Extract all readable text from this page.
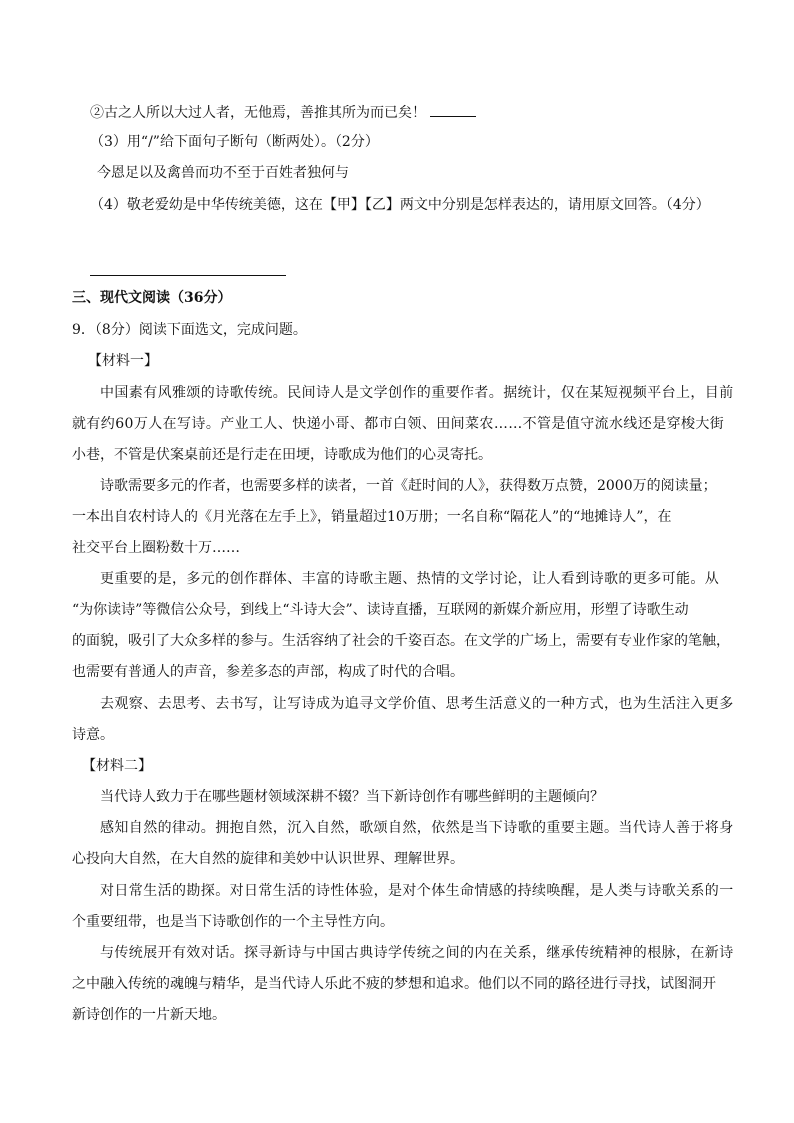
②古之人所以大过人者，无他焉，善推其所为而已矣！
（3）用“/”给下面句子断句（断两处）。（2分）
今恩足以及禽兽而功不至于百姓者独何与
（4）敬老爱幼是中华传统美德，这在【甲】【乙】两文中分别是怎样表达的，请用原文回答。（4分）
三、现代文阅读（36分）
9．（8分）阅读下面选文，完成问题。
【材料一】
中国素有风雅颂的诗歌传统。民间诗人是文学创作的重要作者。据统计，仅在某短视频平台上，目前
就有约60万人在写诗。产业工人、快递小哥、都市白领、田间菜农……不管是值守流水线还是穿梭大街
小巷，不管是伏案桌前还是行走在田埂，诗歌成为他们的心灵寄托。
诗歌需要多元的作者，也需要多样的读者，一首《赶时间的人》，获得数万点赞，2000万的阅读量；
一本出自农村诗人的《月光落在左手上》，销量超过10万册；一名自称“隔花人”的“地摊诗人”，在
社交平台上圈粉数十万……
更重要的是，多元的创作群体、丰富的诗歌主题、热情的文学讨论，让人看到诗歌的更多可能。从
“为你读诗”等微信公众号，到线上“斗诗大会”、读诗直播，互联网的新媒介新应用，形塑了诗歌生动
的面貌，吸引了大众多样的参与。生活容纳了社会的千姿百态。在文学的广场上，需要有专业作家的笔触，
也需要有普通人的声音，参差多态的声部，构成了时代的合唱。
去观察、去思考、去书写，让写诗成为追寻文学价值、思考生活意义的一种方式，也为生活注入更多
诗意。
【材料二】
当代诗人致力于在哪些题材领域深耕不辍？当下新诗创作有哪些鲜明的主题倾向？
感知自然的律动。拥抱自然，沉入自然，歌颂自然，依然是当下诗歌的重要主题。当代诗人善于将身
心投向大自然，在大自然的旋律和美妙中认识世界、理解世界。
对日常生活的勘探。对日常生活的诗性体验，是对个体生命情感的持续唤醒，是人类与诗歌关系的一
个重要纽带，也是当下诗歌创作的一个主导性方向。
与传统展开有效对话。探寻新诗与中国古典诗学传统之间的内在关系，继承传统精神的根脉，在新诗
之中融入传统的魂魄与精华，是当代诗人乐此不疲的梦想和追求。他们以不同的路径进行寻找，试图洞开
新诗创作的一片新天地。
